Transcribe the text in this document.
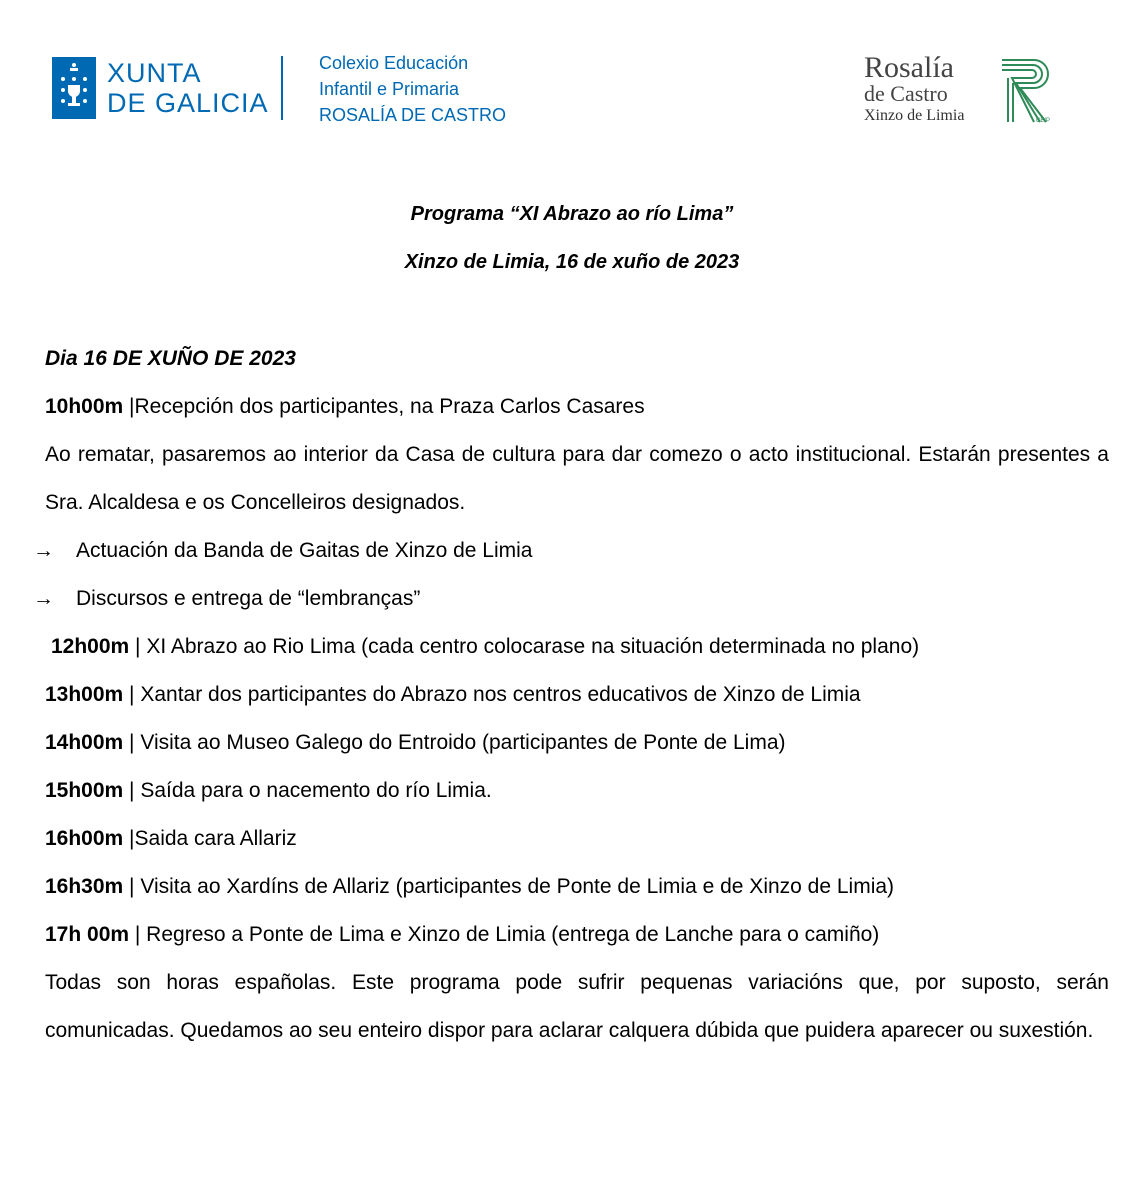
XUNTA
DE GALICIA
Colexio Educación
Infantil e Primaria
ROSALÍA DE CASTRO
Rosalía
de Castro
Xinzo de Limia	CEIP
Programa “XI Abrazo ao río Lima”
Xinzo de Limia, 16 de xuño de 2023
Dia 16 DE XUÑO DE 2023
10h00m |Recepción dos participantes, na Praza Carlos Casares
Ao rematar, pasaremos ao interior da Casa de cultura para dar comezo o acto institucional. Estarán presentes a Sra. Alcaldesa e os Concelleiros designados.
→ Actuación da Banda de Gaitas de Xinzo de Limia
→ Discursos e entrega de “lembranças”
12h00m | XI Abrazo ao Rio Lima (cada centro colocarase na situación determinada no plano)
13h00m | Xantar dos participantes do Abrazo nos centros educativos de Xinzo de Limia
14h00m | Visita ao Museo Galego do Entroido (participantes de Ponte de Lima)
15h00m | Saída para o nacemento do río Limia.
16h00m |Saida cara Allariz
16h30m | Visita ao Xardíns de Allariz (participantes de Ponte de Limia e de Xinzo de Limia)
17h 00m | Regreso a Ponte de Lima e Xinzo de Limia (entrega de Lanche para o camiño)
Todas son horas españolas. Este programa pode sufrir pequenas variacións que, por suposto, serán comunicadas. Quedamos ao seu enteiro dispor para aclarar calquera dúbida que puidera aparecer ou suxestión.
